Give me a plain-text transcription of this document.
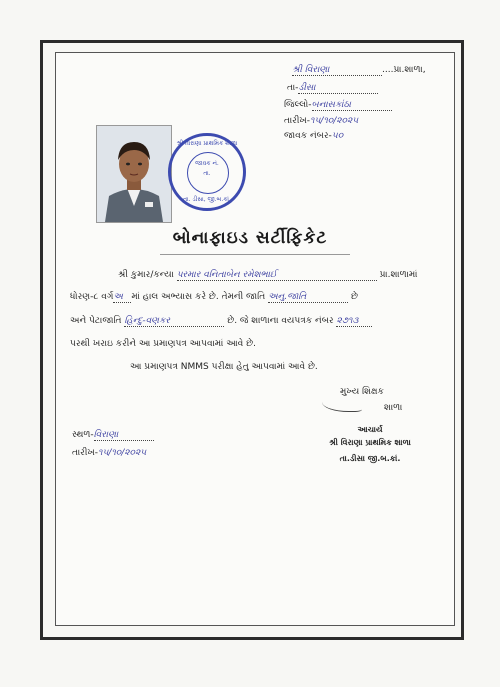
શ્રી વિરાણા	....પ્રા.શાળા,
તા-ડીસા
જિલ્લો-બનાસકાંઠા
તારીખ-૧૫/૧૦/૨૦૨૫
જાવક નંબર-૫૦
શ્રી વિરાણા પ્રાથમિક શાળા
જાવક નં.
તા.
તા. ડીસા, જી.બ.કાં.
બોનાફાઇડ સર્ટીફિકેટ
શ્રી કુમાર/કન્યા પરમાર વનિતાબેન રમેશભાઈ	પ્રા.શાળામાં
ધોરણ-૮ વર્ગઅ માં હાલ અભ્યાસ કરે છે. તેમની જાતિ અનુ.જાતિ	છે
અને પેટાજાતિ હિન્દુ-વણકર	છે. જે શાળાના વયપત્રક નંબર ૨૭૧૩
પરથી ખરાઇ કરીને આ પ્રમાણપત્ર આપવામાં આવે છે.
આ પ્રમાણપત્ર NMMS પરીક્ષા હેતુ આપવામાં આવે છે.
મુખ્ય શિક્ષક
શાળા
સ્થળ-વિરાણા
તારીખ-૧૫/૧૦/૨૦૨૫
આચાર્ય
શ્રી વિરાણા પ્રાથમિક શાળા
તા.ડીસા જી.બ.કાં.
